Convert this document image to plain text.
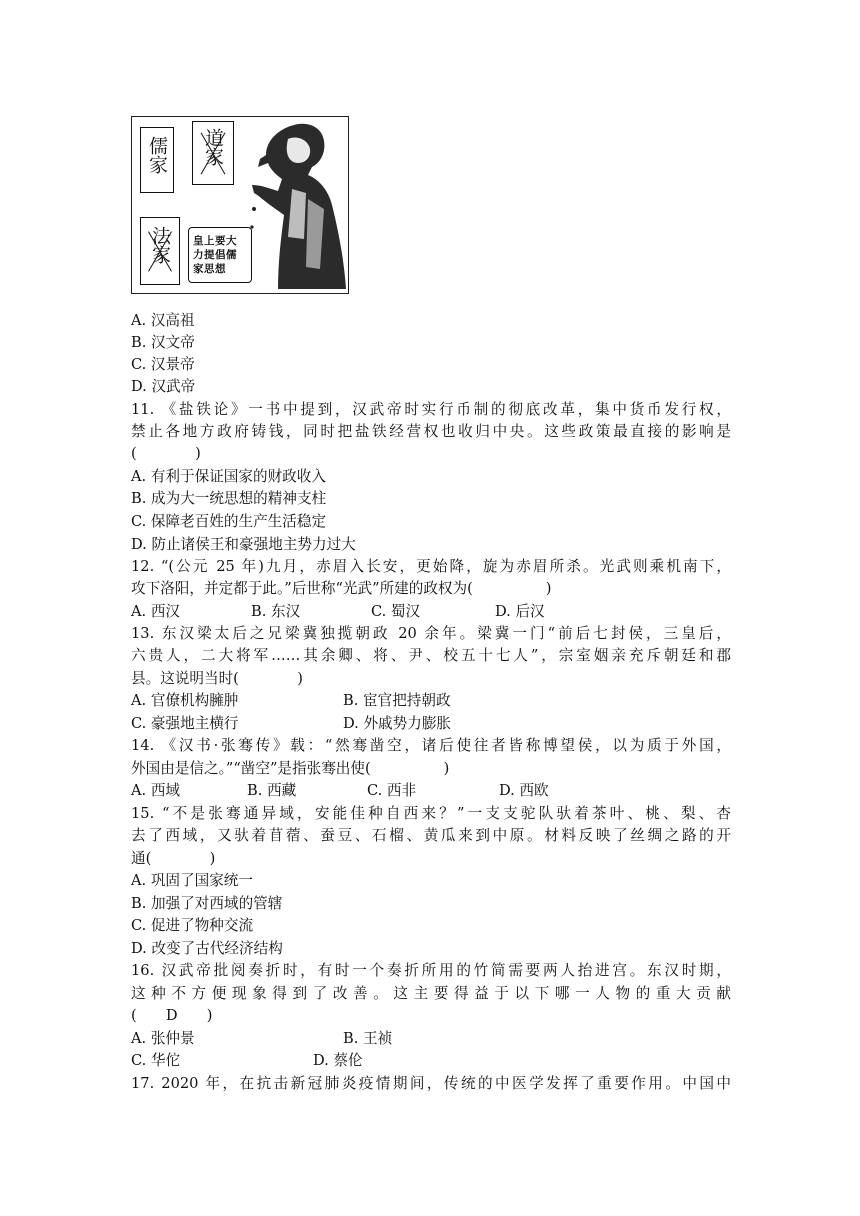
儒家 道家
法家	皇上要大力提倡儒家思想
A. 汉高祖
B. 汉文帝
C. 汉景帝
D. 汉武帝
11. 《盐铁论》一书中提到，汉武帝时实行币制的彻底改革，集中货币发行权，
禁止各地方政府铸钱，同时把盐铁经营权也收归中央。这些政策最直接的影响是
(　　　　)
A. 有利于保证国家的财政收入
B. 成为大一统思想的精神支柱
C. 保障老百姓的生产生活稳定
D. 防止诸侯王和豪强地主势力过大
12. “(公元 25 年)九月，赤眉入长安，更始降，旋为赤眉所杀。光武则乘机南下，
攻下洛阳，并定都于此。”后世称“光武”所建的政权为(　　　　　)
A. 西汉	B. 东汉	C. 蜀汉	D. 后汉
13. 东汉梁太后之兄梁冀独揽朝政 20 余年。梁冀一门“前后七封侯，三皇后，
六贵人，二大将军……其余卿、将、尹、校五十七人”，宗室姻亲充斥朝廷和郡
县。这说明当时(　　　　)
A. 官僚机构臃肿	B. 宦官把持朝政
C. 豪强地主横行	D. 外戚势力膨胀
14. 《汉书·张骞传》载：“然骞凿空，诸后使往者皆称博望侯，以为质于外国，
外国由是信之。”“凿空”是指张骞出使(　　　　　)
A. 西域	B. 西藏	C. 西非	D. 西欧
15. “不是张骞通异域，安能佳种自西来？”一支支驼队驮着茶叶、桃、梨、杏
去了西域，又驮着苜蓿、蚕豆、石榴、黄瓜来到中原。材料反映了丝绸之路的开
通(　　　　)
A. 巩固了国家统一
B. 加强了对西域的管辖
C. 促进了物种交流
D. 改变了古代经济结构
16. 汉武帝批阅奏折时，有时一个奏折所用的竹简需要两人抬进宫。东汉时期，
这种不方便现象得到了改善。这主要得益于以下哪一人物的重大贡献
(　　D　　)
A. 张仲景	B. 王祯
C. 华佗	D. 蔡伦
17. 2020 年，在抗击新冠肺炎疫情期间，传统的中医学发挥了重要作用。中国中
